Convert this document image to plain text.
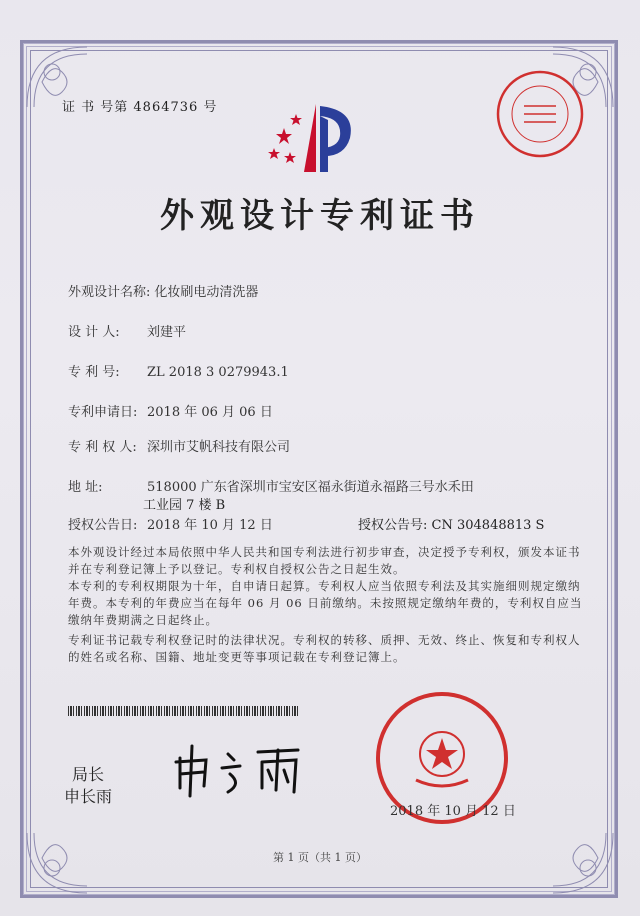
证 书 号第 4864736 号
外观设计专利证书
外观设计名称: 化妆刷电动清洗器
设 计 人: 刘建平
专 利 号: ZL 2018 3 0279943.1
专利申请日: 2018 年 06 月 06 日
专 利 权 人: 深圳市艾帆科技有限公司
地 址:	518000 广东省深圳市宝安区福永街道永福路三号水禾田
工业园 7 楼 B
授权公告日: 2018 年 10 月 12 日	授权公告号: CN 304848813 S
本外观设计经过本局依照中华人民共和国专利法进行初步审查，决定授予专利权，颁发本证书并在专利登记簿上予以登记。专利权自授权公告之日起生效。
本专利的专利权期限为十年，自申请日起算。专利权人应当依照专利法及其实施细则规定缴纳年费。本专利的年费应当在每年 06 月 06 日前缴纳。未按照规定缴纳年费的，专利权自应当缴纳年费期满之日起终止。
专利证书记载专利权登记时的法律状况。专利权的转移、质押、无效、终止、恢复和专利权人的姓名或名称、国籍、地址变更等事项记载在专利登记簿上。
局长
申长雨
2018 年 10 月 12 日
第 1 页（共 1 页）
